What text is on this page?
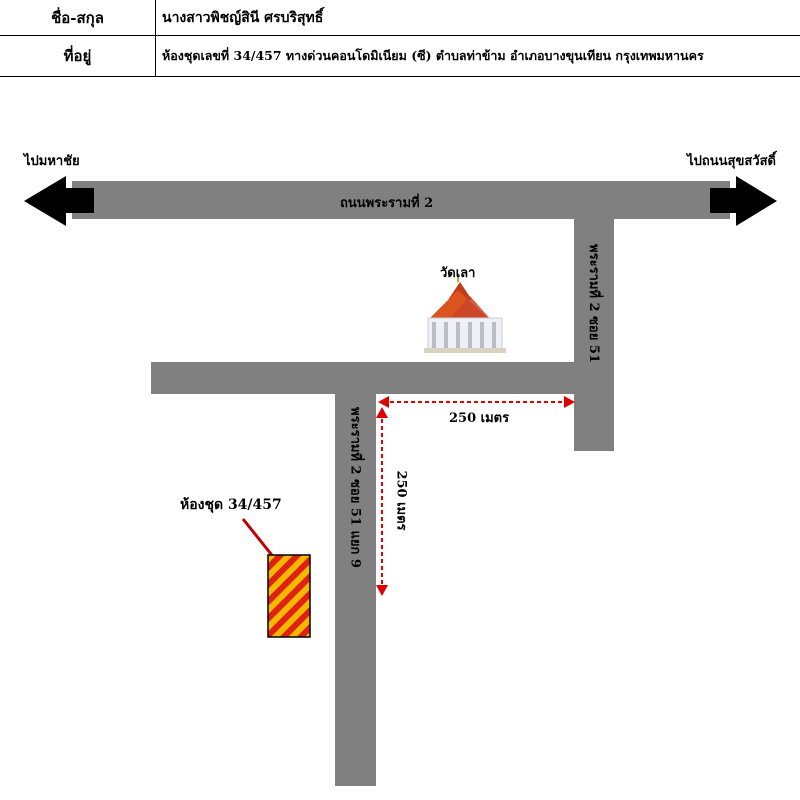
ชื่อ-สกุล	นางสาวพิชญ์สินี ศรบริสุทธิ์
ที่อยู่	ห้องชุดเลขที่ 34/457 ทางด่วนคอนโดมิเนียม (ซี) ตำบลท่าข้าม อำเภอบางขุนเทียน กรุงเทพมหานคร
ไปมหาชัย	ไปถนนสุขสวัสดิ์
ถนนพระรามที่ 2
วัดเลา
250 เมตร
ห้องชุด 34/457
พระรามที่ 2 ซอย 51
พระรามที่ 2 ซอย 51 แยก 9	250 เมตร
